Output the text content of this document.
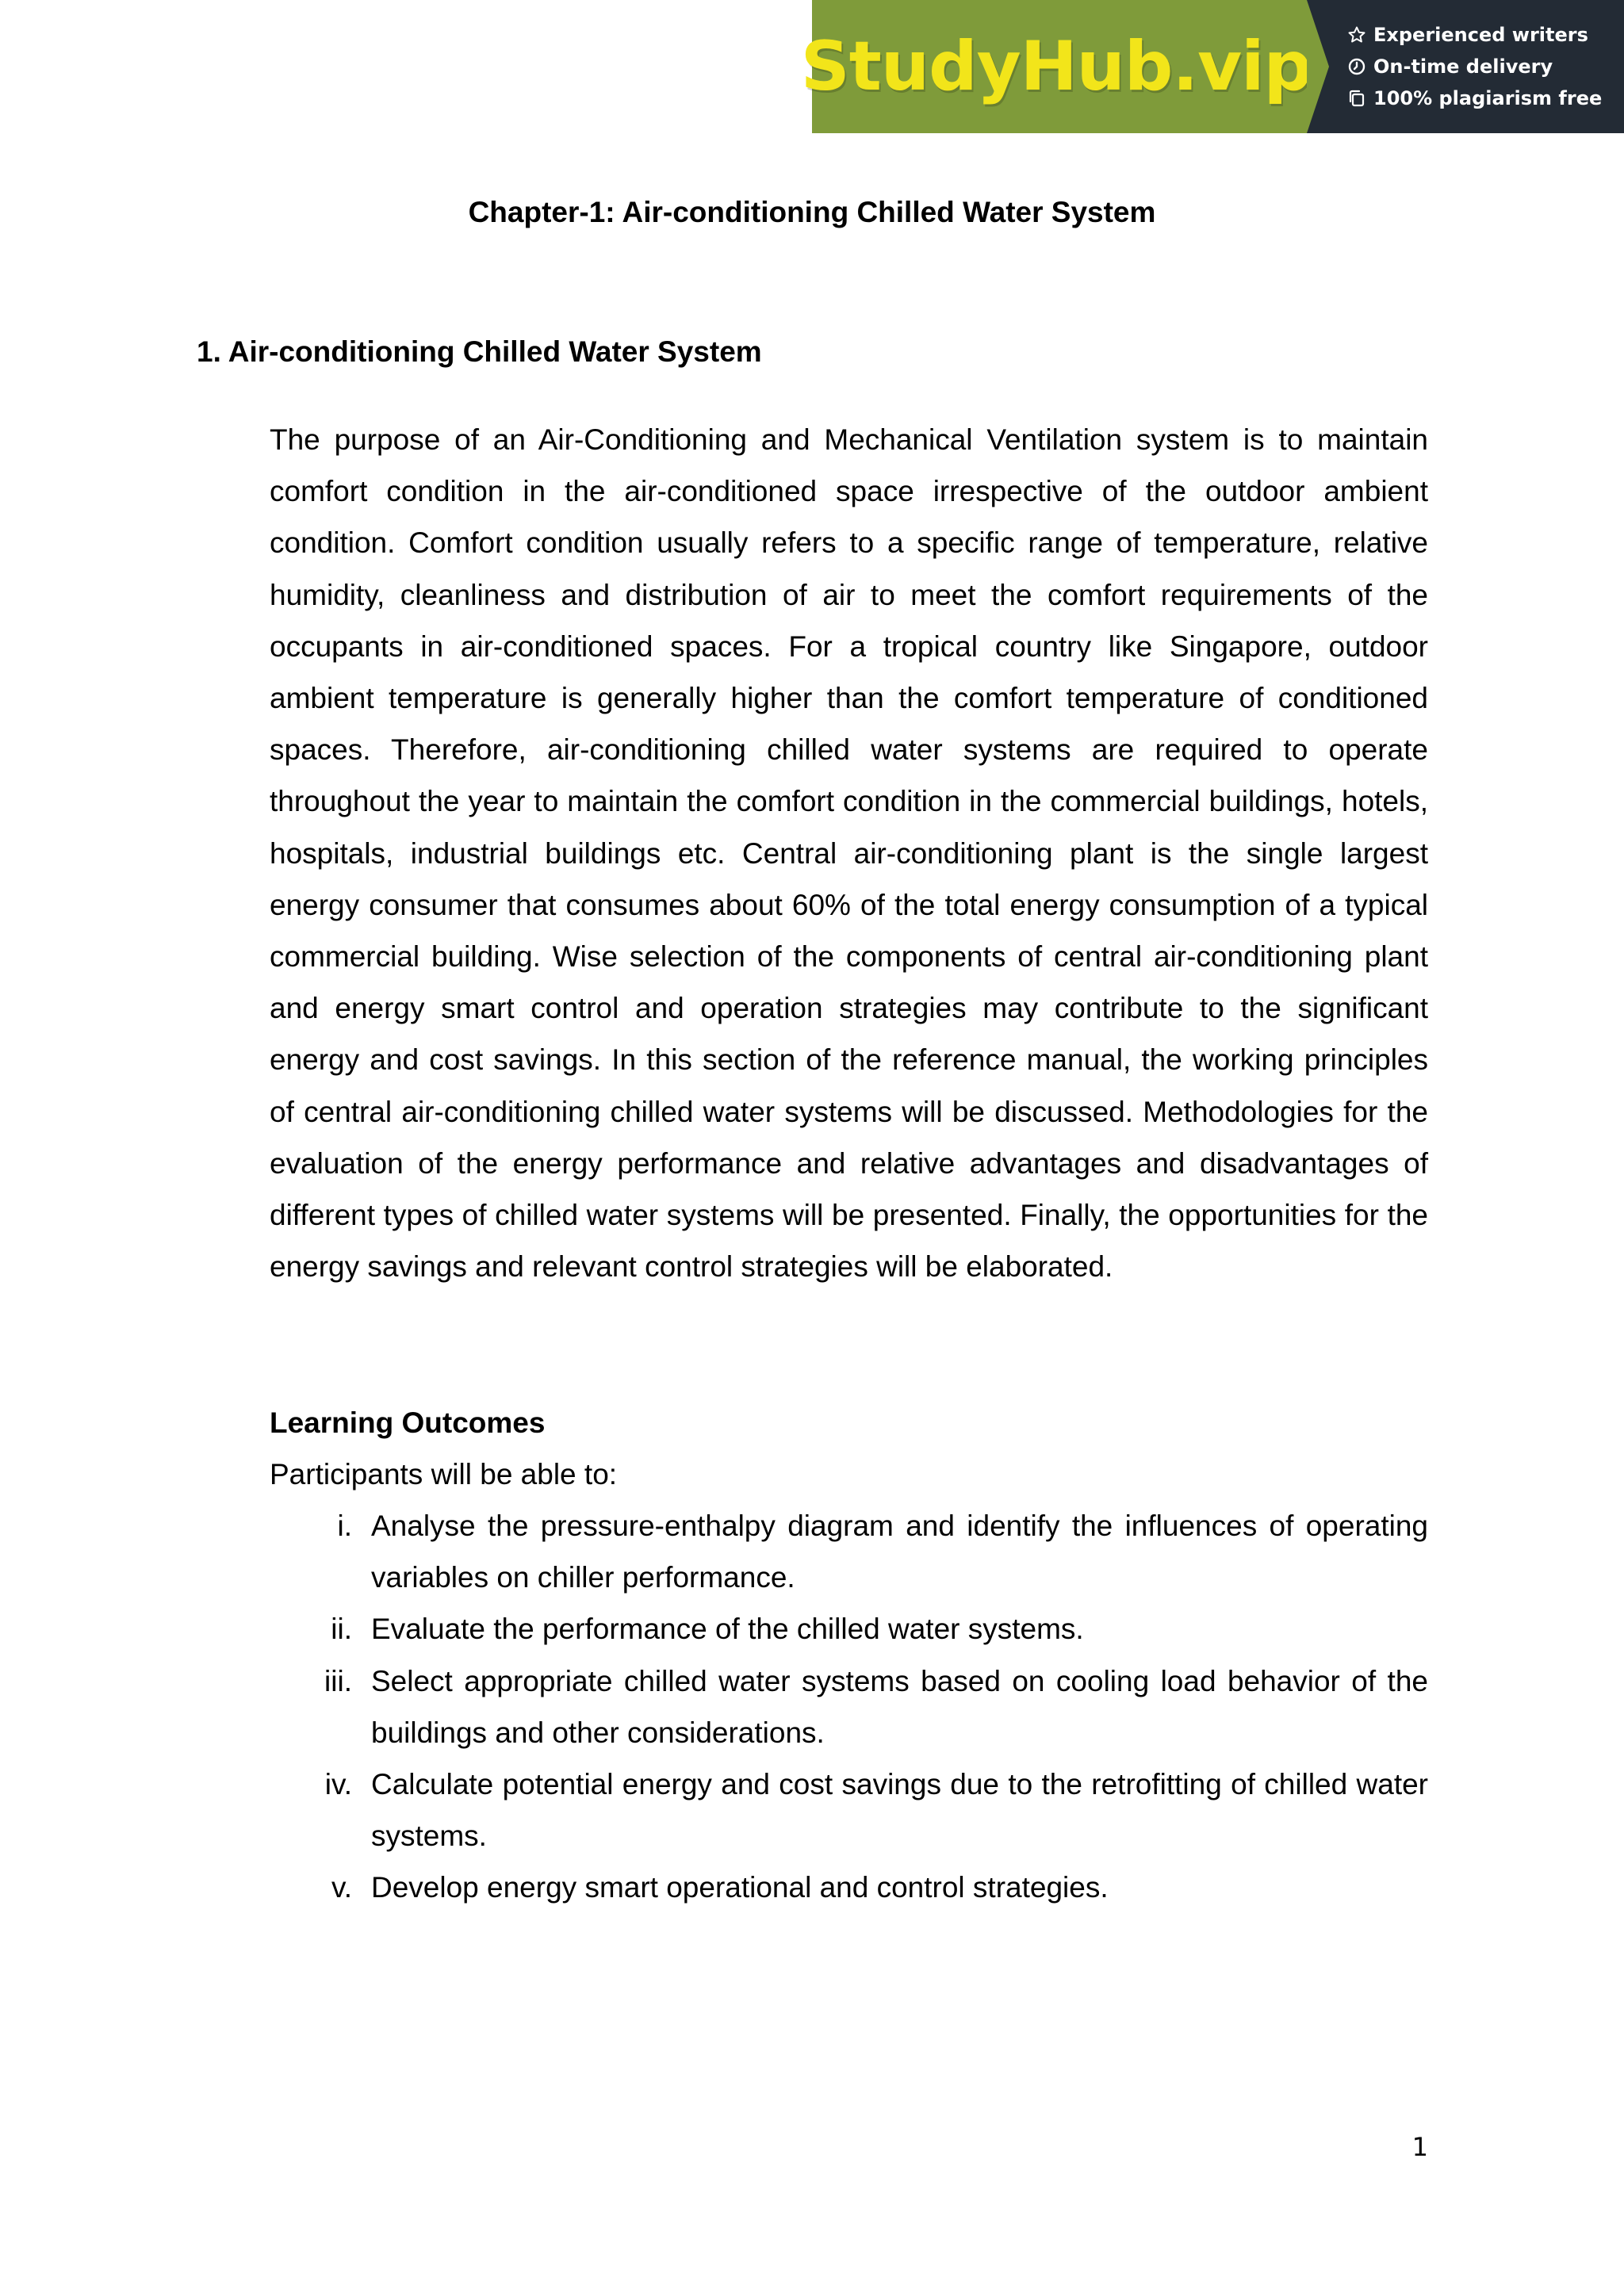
StudyHub.vip	Experienced writers
On-time delivery
100% plagiarism free
Chapter-1: Air-conditioning Chilled Water System
1. Air-conditioning Chilled Water System

The purpose of an Air-Conditioning and Mechanical Ventilation system is to maintain comfort condition in the air-conditioned space irrespective of the outdoor ambient condition. Comfort condition usually refers to a specific range of temperature, relative humidity, cleanliness and distribution of air to meet the comfort requirements of the occupants in air-conditioned spaces. For a tropical country like Singapore, outdoor ambient temperature is generally higher than the comfort temperature of conditioned spaces. Therefore, air-conditioning chilled water systems are required to operate throughout the year to maintain the comfort condition in the commercial buildings, hotels, hospitals, industrial buildings etc. Central air-conditioning plant is the single largest energy consumer that consumes about 60% of the total energy consumption of a typical commercial building. Wise selection of the components of central air-conditioning plant and energy smart control and operation strategies may contribute to the significant energy and cost savings. In this section of the reference manual, the working principles of central air-conditioning chilled water systems will be discussed. Methodologies for the evaluation of the energy performance and relative advantages and disadvantages of different types of chilled water systems will be presented. Finally, the opportunities for the energy savings and relevant control strategies will be elaborated.

Learning Outcomes
Participants will be able to:
i. Analyse the pressure-enthalpy diagram and identify the influences of operating variables on chiller performance.
ii. Evaluate the performance of the chilled water systems.
iii. Select appropriate chilled water systems based on cooling load behavior of the buildings and other considerations.
iv. Calculate potential energy and cost savings due to the retrofitting of chilled water systems.
v. Develop energy smart operational and control strategies.
1
